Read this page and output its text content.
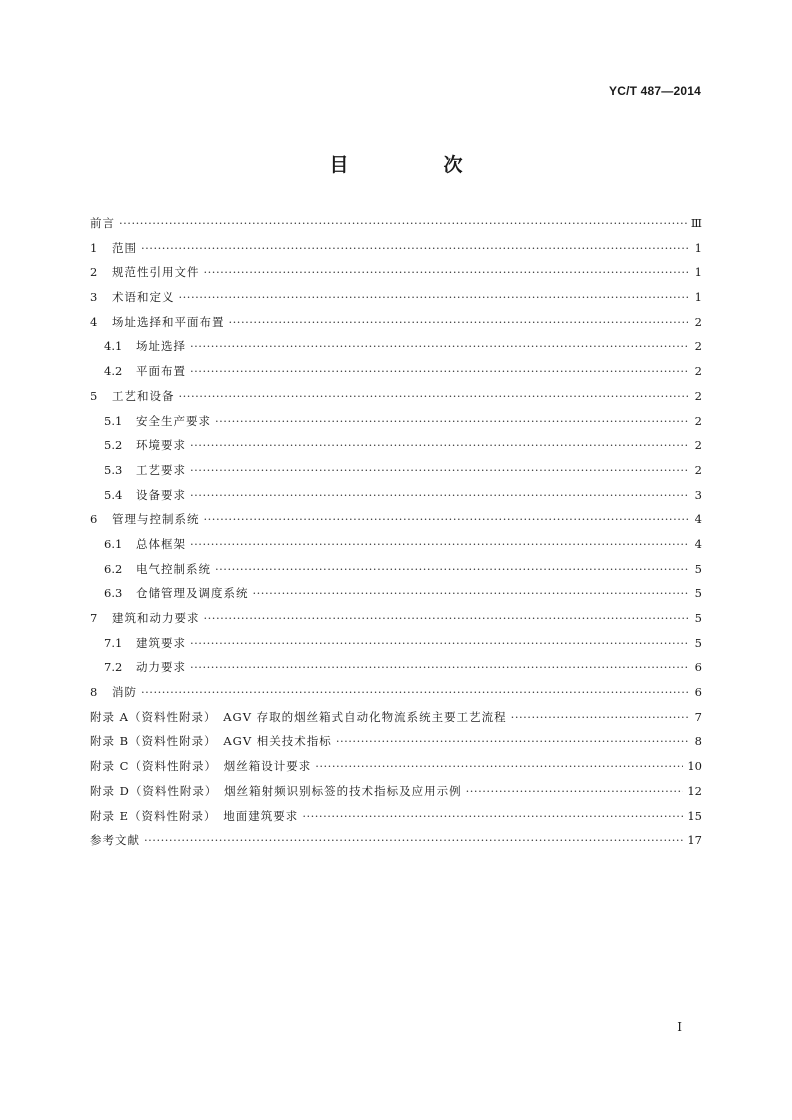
YC/T 487—2014
目　次
前言 ·····	Ⅲ
1	范围 ·····	1
2	规范性引用文件 ·····	1
3	术语和定义 ·····	1
4	场址选择和平面布置 ·····	2
4.1	场址选择 ·····	2
4.2	平面布置 ·····	2
5	工艺和设备 ·····	2
5.1	安全生产要求 ·····	2
5.2	环境要求 ·····	2
5.3	工艺要求 ·····	2
5.4	设备要求 ·····	3
6	管理与控制系统 ·····	4
6.1	总体框架 ·····	4
6.2	电气控制系统 ·····	5
6.3	仓储管理及调度系统 ·····	5
7	建筑和动力要求 ·····	5
7.1	建筑要求 ·····	5
7.2	动力要求 ·····	6
8	消防 ·····	6
附录 A（资料性附录）　AGV 存取的烟丝箱式自动化物流系统主要工艺流程 ·····	7
附录 B（资料性附录）　AGV 相关技术指标 ·····	8
附录 C（资料性附录）　烟丝箱设计要求 ·····	10
附录 D（资料性附录）　烟丝箱射频识别标签的技术指标及应用示例 ·····	12
附录 E（资料性附录）　地面建筑要求 ·····	15
参考文献 ·····	17
I
